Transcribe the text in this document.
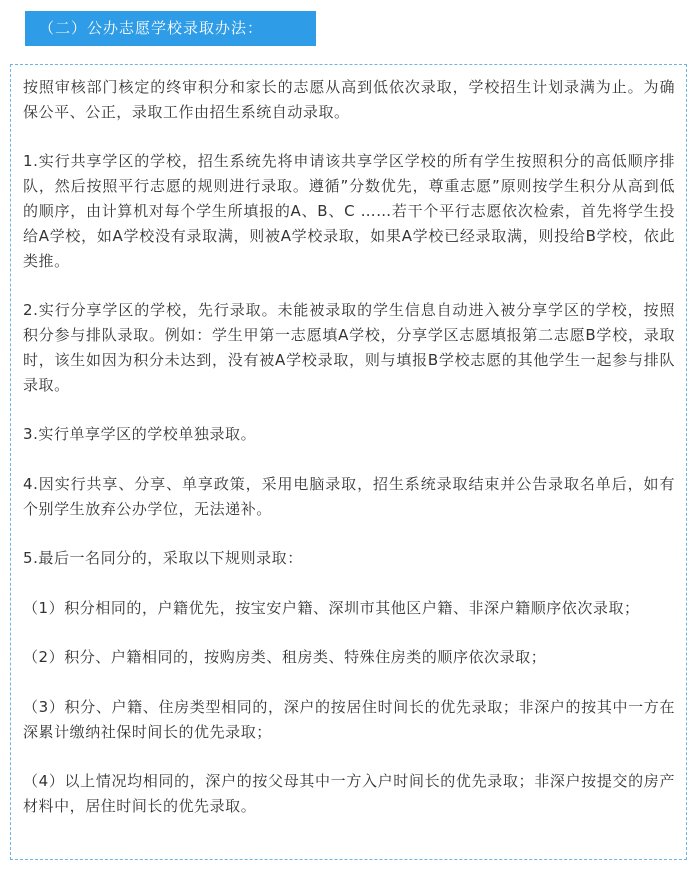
（二）公办志愿学校录取办法：

按照审核部门核定的终审积分和家长的志愿从高到低依次录取，学校招生计划录满为止。为确保公平、公正，录取工作由招生系统自动录取。

1.实行共享学区的学校，招生系统先将申请该共享学区学校的所有学生按照积分的高低顺序排队，然后按照平行志愿的规则进行录取。遵循”分数优先，尊重志愿”原则按学生积分从高到低的顺序，由计算机对每个学生所填报的A、B、C ……若干个平行志愿依次检索，首先将学生投给A学校，如A学校没有录取满，则被A学校录取，如果A学校已经录取满，则投给B学校，依此类推。

2.实行分享学区的学校，先行录取。未能被录取的学生信息自动进入被分享学区的学校，按照积分参与排队录取。例如：学生甲第一志愿填A学校，分享学区志愿填报第二志愿B学校，录取时，该生如因为积分未达到，没有被A学校录取，则与填报B学校志愿的其他学生一起参与排队录取。

3.实行单享学区的学校单独录取。

4.因实行共享、分享、单享政策，采用电脑录取，招生系统录取结束并公告录取名单后，如有个别学生放弃公办学位，无法递补。

5.最后一名同分的，采取以下规则录取：

（1）积分相同的，户籍优先，按宝安户籍、深圳市其他区户籍、非深户籍顺序依次录取；

（2）积分、户籍相同的，按购房类、租房类、特殊住房类的顺序依次录取；

（3）积分、户籍、住房类型相同的，深户的按居住时间长的优先录取；非深户的按其中一方在深累计缴纳社保时间长的优先录取；

（4）以上情况均相同的，深户的按父母其中一方入户时间长的优先录取；非深户按提交的房产材料中，居住时间长的优先录取。
